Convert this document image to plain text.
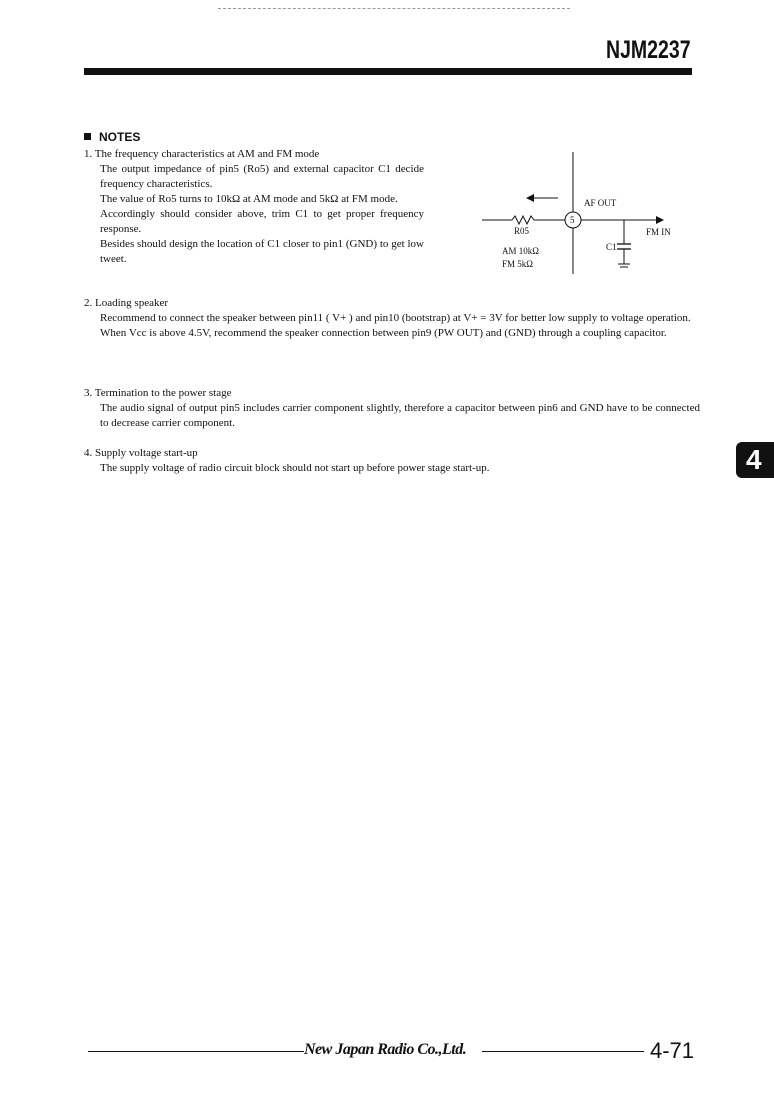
NJM2237
NOTES
1. The frequency characteristics at AM and FM mode
The output impedance of pin5 (Ro5) and external capacitor C1 decide frequency characteristics.
The value of Ro5 turns to 10kΩ at AM mode and 5kΩ at FM mode.
Accordingly should consider above, trim C1 to get proper frequency response.
Besides should design the location of C1 closer to pin1 (GND) to get low tweet.
5
AF OUT
FM IN
R05
C1
AM 10kΩ
FM 5kΩ
2. Loading speaker
Recommend to connect the speaker between pin11 ( V+ ) and pin10 (bootstrap) at V+ = 3V for better low supply to voltage operation.
When Vcc is above 4.5V, recommend the speaker connection between pin9 (PW OUT) and (GND) through a coupling capacitor.
3. Termination to the power stage
The audio signal of output pin5 includes carrier component slightly, therefore a capacitor between pin6 and GND have to be connected to decrease carrier component.
4. Supply voltage start-up
The supply voltage of radio circuit block should not start up before power stage start-up.	4
New Japan Radio Co.,Ltd.	4-71
